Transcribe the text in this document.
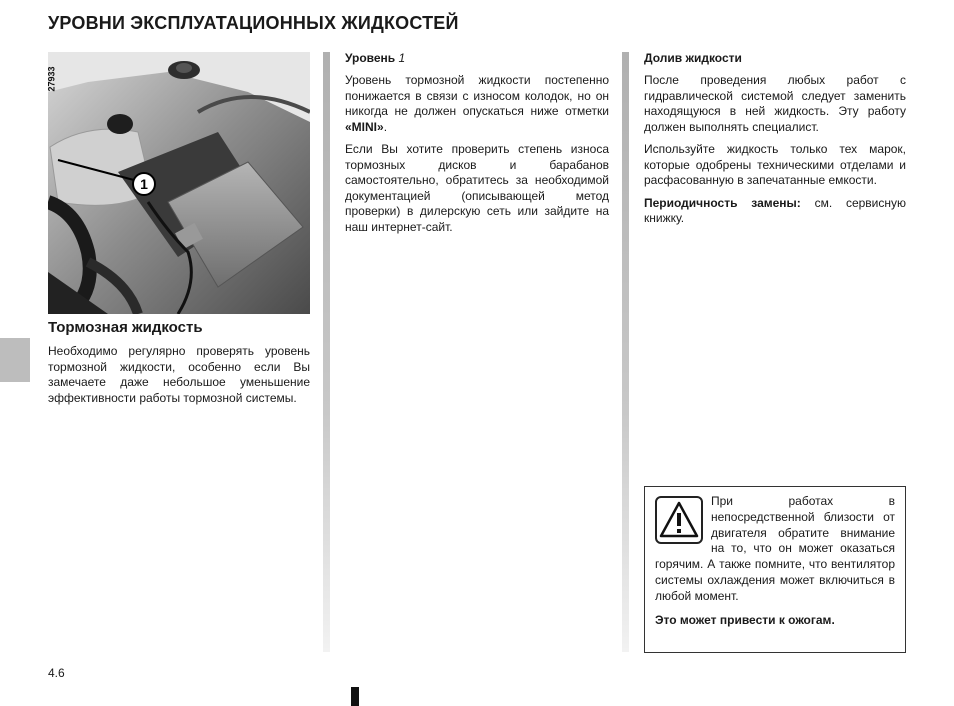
УРОВНИ ЭКСПЛУАТАЦИОННЫХ ЖИДКОСТЕЙ
1
27933
Тормозная жидкость
Необходимо регулярно проверять уровень тормозной жидкости, особенно если Вы замечаете даже небольшое уменьшение эффективности работы тормозной системы.
Уровень 1

Уровень тормозной жидкости постепенно понижается в связи с износом колодок, но он никогда не должен опускаться ниже отметки «MINI».

Если Вы хотите проверить степень износа тормозных дисков и барабанов самостоятельно, обратитесь за необходимой документацией (описывающей метод проверки) в дилерскую сеть или зайдите на наш интернет-сайт.

Долив жидкости

После проведения любых работ с гидравлической системой следует заменить находящуюся в ней жидкость. Эту работу должен выполнять специалист.

Используйте жидкость только тех марок, которые одобрены техническими отделами и расфасованную в запечатанные емкости.

Периодичность замены: см. сервисную книжку.

При работах в непосредственной близости от двигателя обратите внимание на то, что он может оказаться горячим. А также помните, что вентилятор системы охлаждения может включиться в любой момент.

Это может привести к ожогам.

4.6
